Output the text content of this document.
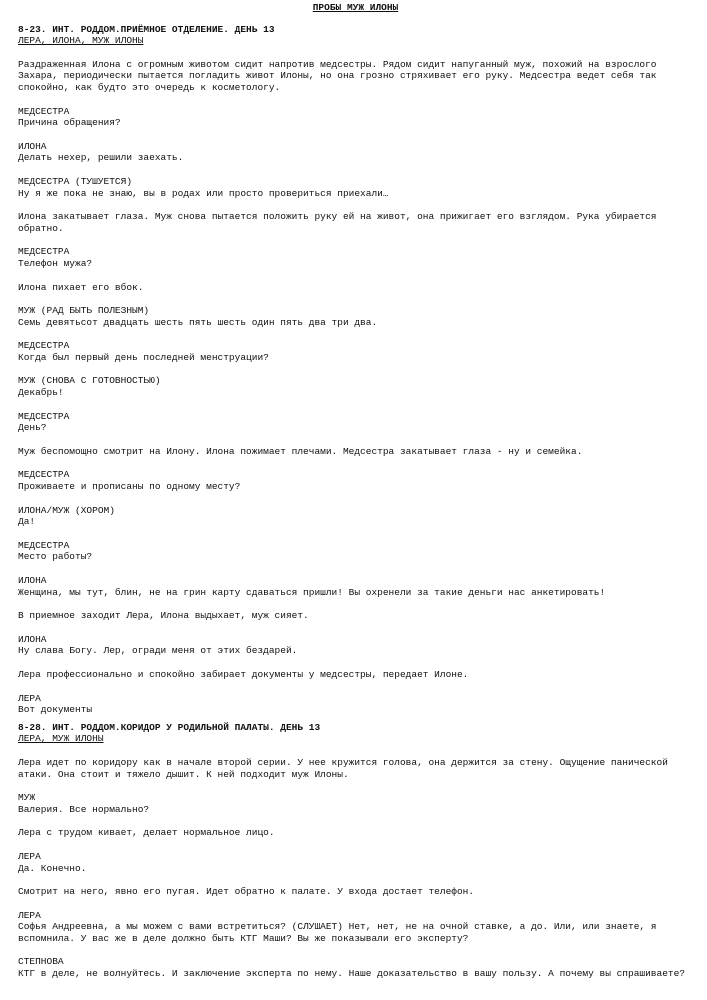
ПРОБЫ МУЖ ИЛОНЫ
8-23. ИНТ. РОДДОМ.ПРИЁМНОЕ ОТДЕЛЕНИЕ. ДЕНЬ 13
ЛЕРА, ИЛОНА, МУЖ ИЛОНЫ
Раздраженная Илона с огромным животом сидит напротив медсестры. Рядом сидит напуганный муж, похожий на взрослого Захара, периодически пытается погладить живот Илоны, но она грозно стряхивает его руку. Медсестра ведет себя так спокойно, как будто это очередь к косметологу.
МЕДСЕСТРА
Причина обращения?
ИЛОНА
Делать нехер, решили заехать.
МЕДСЕСТРА (ТУШУЕТСЯ)
Ну я же пока не знаю, вы в родах или просто провериться приехали…
Илона закатывает глаза. Муж снова пытается положить руку ей на живот, она прижигает его взглядом. Рука убирается обратно.
МЕДСЕСТРА
Телефон мужа?
Илона пихает его вбок.
МУЖ (РАД БЫТЬ ПОЛЕЗНЫМ)
Семь девятьсот двадцать шесть пять шесть один пять два три два.
МЕДСЕСТРА
Когда был первый день последней менструации?
МУЖ (СНОВА С ГОТОВНОСТЬЮ)
Декабрь!
МЕДСЕСТРА
День?
Муж беспомощно смотрит на Илону. Илона пожимает плечами. Медсестра закатывает глаза - ну и семейка.
МЕДСЕСТРА
Проживаете и прописаны по одному месту?
ИЛОНА/МУЖ (ХОРОМ)
Да!
МЕДСЕСТРА
Место работы?
ИЛОНА
Женщина, мы тут, блин, не на грин карту сдаваться пришли! Вы охренели за такие деньги нас анкетировать!
В приемное заходит Лера, Илона выдыхает, муж сияет.
ИЛОНА
Ну слава Богу. Лер, огради меня от этих бездарей.
Лера профессионально и спокойно забирает документы у медсестры, передает Илоне.
ЛЕРА
Вот документы
8-28. ИНТ. РОДДОМ.КОРИДОР У РОДИЛЬНОЙ ПАЛАТЫ. ДЕНЬ 13
ЛЕРА, МУЖ ИЛОНЫ
Лера идет по коридору как в начале второй серии. У нее кружится голова, она держится за стену. Ощущение панической атаки. Она стоит и тяжело дышит. К ней подходит муж Илоны.
МУЖ
Валерия. Все нормально?
Лера с трудом кивает, делает нормальное лицо.
ЛЕРА
Да. Конечно.
Смотрит на него, явно его пугая. Идет обратно к палате. У входа достает телефон.
ЛЕРА
Софья Андреевна, а мы можем с вами встретиться? (СЛУШАЕТ) Нет, нет, не на очной ставке, а до. Или, или знаете, я вспомнила. У вас же в деле должно быть КТГ Маши? Вы же показывали его эксперту?
СТЕПНОВА
КТГ в деле, не волнуйтесь. И заключение эксперта по нему. Наше доказательство в вашу пользу. А почему вы спрашиваете?
